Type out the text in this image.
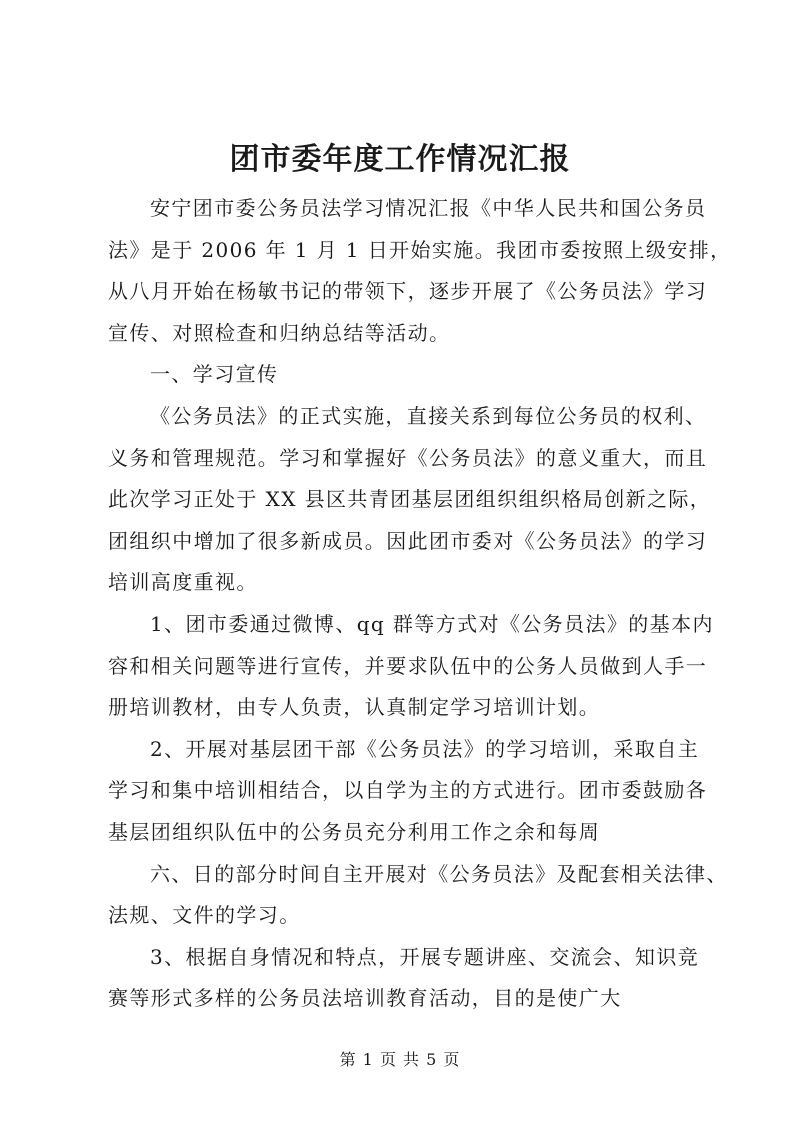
团市委年度工作情况汇报
安宁团市委公务员法学习情况汇报《中华人民共和国公务员
法》是于 2006 年 1 月 1 日开始实施。我团市委按照上级安排，
从八月开始在杨敏书记的带领下，逐步开展了《公务员法》学习
宣传、对照检查和归纳总结等活动。
一、学习宣传
《公务员法》的正式实施，直接关系到每位公务员的权利、
义务和管理规范。学习和掌握好《公务员法》的意义重大，而且
此次学习正处于 XX 县区共青团基层团组织组织格局创新之际，
团组织中增加了很多新成员。因此团市委对《公务员法》的学习
培训高度重视。
1、团市委通过微博、qq 群等方式对《公务员法》的基本内
容和相关问题等进行宣传，并要求队伍中的公务人员做到人手一
册培训教材，由专人负责，认真制定学习培训计划。
2、开展对基层团干部《公务员法》的学习培训，采取自主
学习和集中培训相结合，以自学为主的方式进行。团市委鼓励各
基层团组织队伍中的公务员充分利用工作之余和每周
六、日的部分时间自主开展对《公务员法》及配套相关法律、
法规、文件的学习。
3、根据自身情况和特点，开展专题讲座、交流会、知识竞
赛等形式多样的公务员法培训教育活动，目的是使广大
第 1 页 共 5 页
